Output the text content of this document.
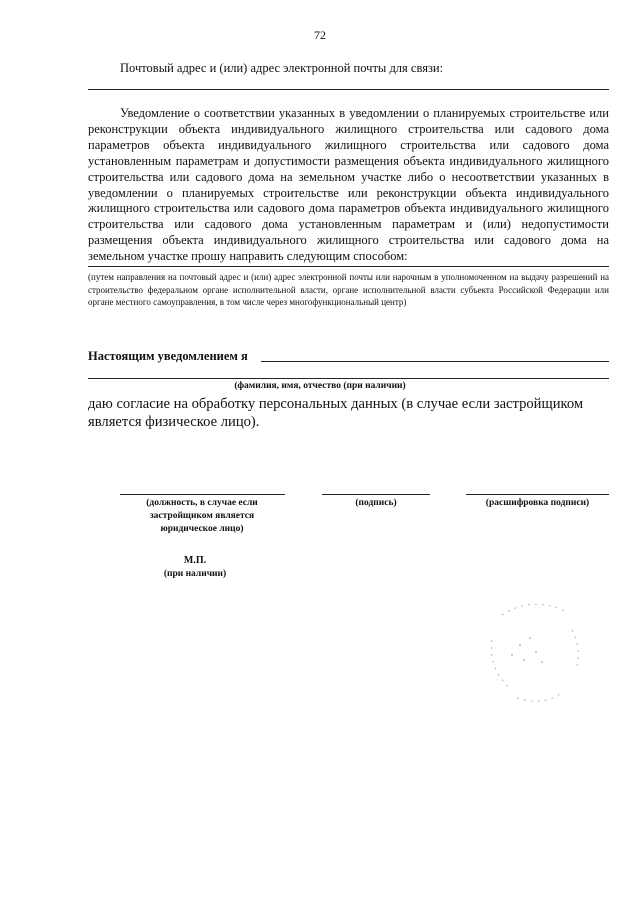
72
Почтовый адрес и (или) адрес электронной почты для связи:
Уведомление о соответствии указанных в уведомлении о планируемых строительстве или реконструкции объекта индивидуального жилищного строительства или садового дома параметров объекта индивидуального жилищного строительства или садового дома установленным параметрам и допустимости размещения объекта индивидуального жилищного строительства или садового дома на земельном участке либо о несоответствии указанных в уведомлении о планируемых строительстве или реконструкции объекта индивидуального жилищного строительства или садового дома параметров объекта индивидуального жилищного строительства или садового дома установленным параметрам и (или) недопустимости размещения объекта индивидуального жилищного строительства или садового дома на земельном участке прошу направить следующим способом:
(путем направления на почтовый адрес и (или) адрес электронной почты или нарочным в уполномоченном на выдачу разрешений на строительство федеральном органе исполнительной власти, органе исполнительной власти субъекта Российской Федерации или органе местного самоуправления, в том числе через многофункциональный центр)
Настоящим уведомлением я
(фамилия, имя, отчество (при наличии)
даю согласие на обработку персональных данных (в случае если застройщиком является физическое лицо).
(должность, в случае если застройщиком является юридическое лицо)
(подпись)	(расшифровка подписи)
М.П.
(при наличии)
